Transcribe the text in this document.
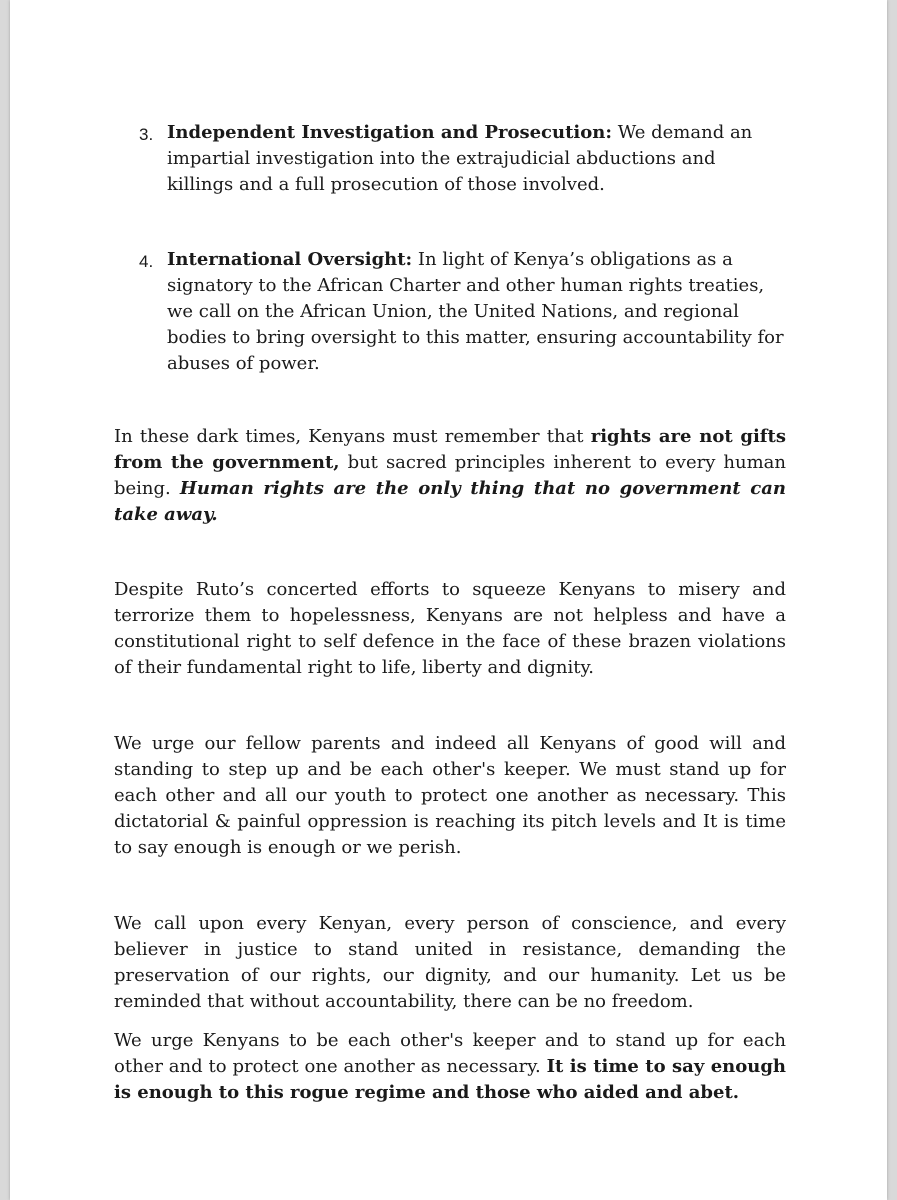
3. Independent Investigation and Prosecution: We demand an impartial investigation into the extrajudicial abductions and killings and a full prosecution of those involved.
4. International Oversight: In light of Kenya’s obligations as a signatory to the African Charter and other human rights treaties, we call on the African Union, the United Nations, and regional bodies to bring oversight to this matter, ensuring accountability for abuses of power.

In these dark times, Kenyans must remember that rights are not gifts from the government, but sacred principles inherent to every human being. Human rights are the only thing that no government can take away.

Despite Ruto’s concerted efforts to squeeze Kenyans to misery and terrorize them to hopelessness, Kenyans are not helpless and have a constitutional right to self defence in the face of these brazen violations of their fundamental right to life, liberty and dignity.

We urge our fellow parents and indeed all Kenyans of good will and standing to step up and be each other's keeper. We must stand up for each other and all our youth to protect one another as necessary. This dictatorial & painful oppression is reaching its pitch levels and It is time to say enough is enough or we perish.

We call upon every Kenyan, every person of conscience, and every believer in justice to stand united in resistance, demanding the preservation of our rights, our dignity, and our humanity. Let us be reminded that without accountability, there can be no freedom.

We urge Kenyans to be each other's keeper and to stand up for each other and to protect one another as necessary. It is time to say enough is enough to this rogue regime and those who aided and abet.
